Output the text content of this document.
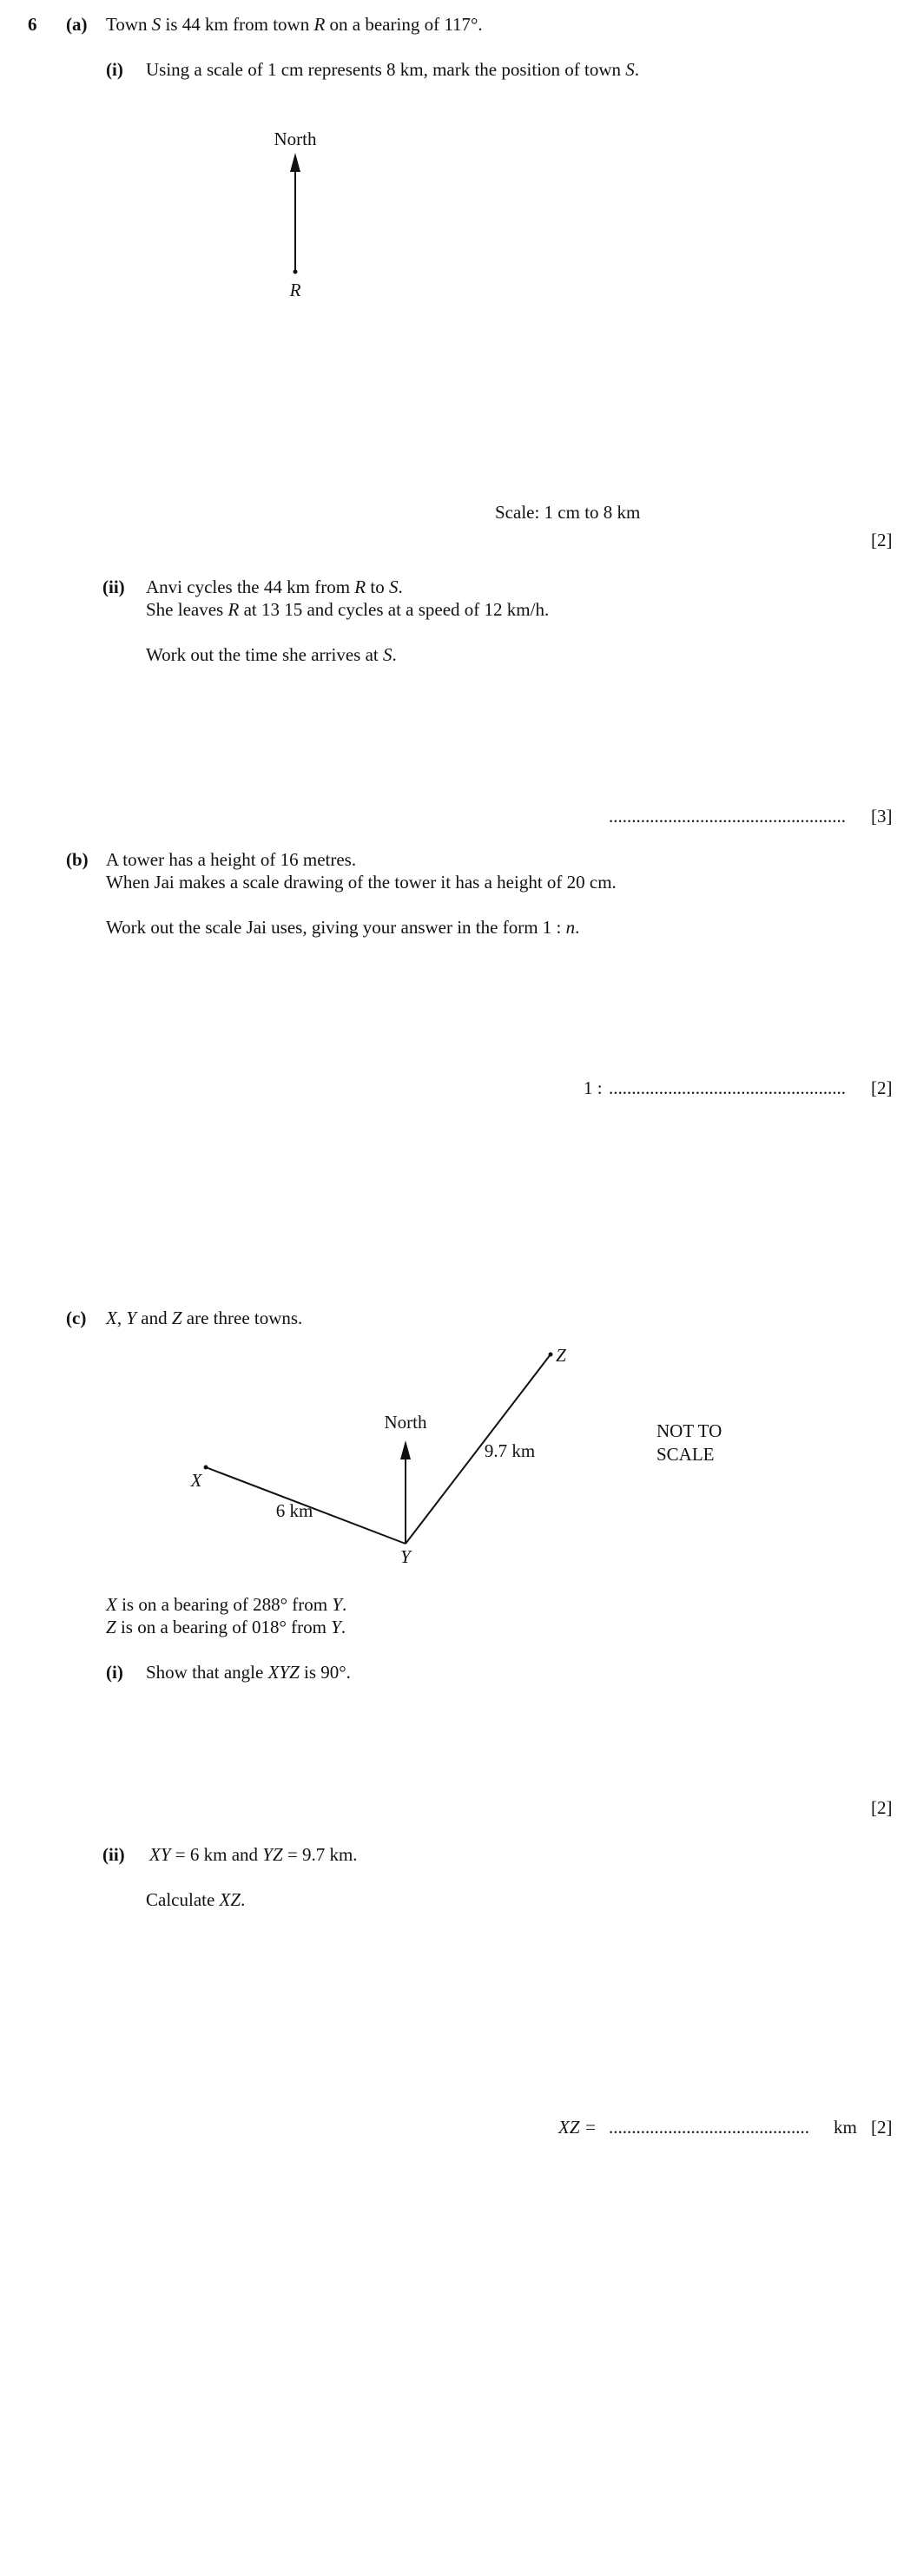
6 (a) Town S is 44 km from town R on a bearing of 117°.
(i) Using a scale of 1 cm represents 8 km, mark the position of town S.
North
R
Scale: 1 cm to 8 km
[2]
(ii) Anvi cycles the 44 km from R to S.
She leaves R at 13 15 and cycles at a speed of 12 km/h.
Work out the time she arrives at S.
.................................................... [3]
(b) A tower has a height of 16 metres.
When Jai makes a scale drawing of the tower it has a height of 20 cm.
Work out the scale Jai uses, giving your answer in the form 1 : n.
1 : .................................................... [2]
(c) X, Y and Z are three towns.
North
X
Y
Z
6 km
9.7 km
NOT TO
SCALE
X is on a bearing of 288° from Y.
Z is on a bearing of 018° from Y.
(i) Show that angle XYZ is 90°.
[2]
(ii) XY = 6 km and YZ = 9.7 km.
Calculate XZ.
XZ = ............................................ km [2]
